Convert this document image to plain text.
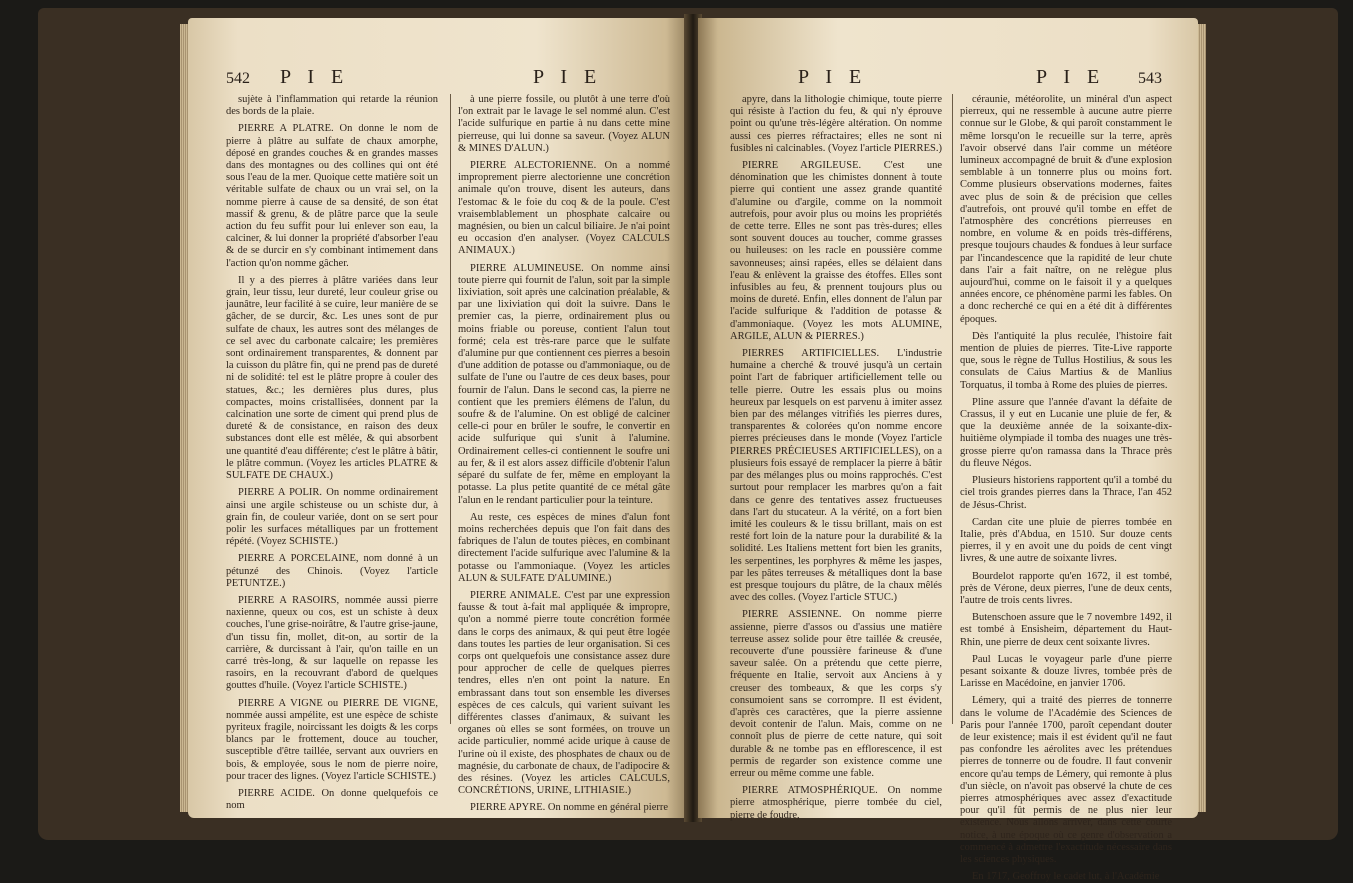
542 P I E	P I E

sujète à l'inflammation qui retarde la réunion des bords de la plaie.

PIERRE A PLATRE. On donne le nom de pierre à plâtre au sulfate de chaux amorphe, déposé en grandes couches & en grandes masses dans des montagnes ou des collines qui ont été sous l'eau de la mer. Quoique cette matière soit un véritable sulfate de chaux ou un vrai sel, on la nomme pierre à cause de sa densité, de son état massif & grenu, & de plâtre parce que la seule action du feu suffit pour lui enlever son eau, la calciner, & lui donner la propriété d'absorber l'eau & de se durcir en s'y combinant intimement dans l'action qu'on nomme gâcher.

Il y a des pierres à plâtre variées dans leur grain, leur tissu, leur dureté, leur couleur grise ou jaunâtre, leur facilité à se cuire, leur manière de se gâcher, de se durcir, &c. Les unes sont de pur sulfate de chaux, les autres sont des mélanges de ce sel avec du carbonate calcaire; les premières sont ordinairement transparentes, & donnent par la cuisson du plâtre fin, qui ne prend pas de dureté ni de solidité: tel est le plâtre propre à couler des statues, &c.; les dernières plus dures, plus compactes, moins cristallisées, donnent par la calcination une sorte de ciment qui prend plus de dureté & de consistance, en raison des deux substances dont elle est mêlée, & qui absorbent une quantité d'eau différente; c'est le plâtre à bâtir, le plâtre commun. (Voyez les articles PLATRE & SULFATE DE CHAUX.)

PIERRE A POLIR. On nomme ordinairement ainsi une argile schisteuse ou un schiste dur, à grain fin, de couleur variée, dont on se sert pour polir les surfaces métalliques par un frottement répété. (Voyez SCHISTE.)

PIERRE A PORCELAINE, nom donné à un pétunzé des Chinois. (Voyez l'article PETUNTZE.)

PIERRE A RASOIRS, nommée aussi pierre naxienne, queux ou cos, est un schiste à deux couches, l'une grise-noirâtre, & l'autre grise-jaune, d'un tissu fin, mollet, dit-on, au sortir de la carrière, & durcissant à l'air, qu'on taille en un carré très-long, & sur laquelle on repasse les rasoirs, en la recouvrant d'abord de quelques gouttes d'huile. (Voyez l'article SCHISTE.)

PIERRE A VIGNE ou PIERRE DE VIGNE, nommée aussi ampélite, est une espèce de schiste pyriteux fragile, noircissant les doigts & les corps blancs par le frottement, douce au toucher, susceptible d'être taillée, servant aux ouvriers en bois, & employée, sous le nom de pierre noire, pour tracer des lignes. (Voyez l'article SCHISTE.)

PIERRE ACIDE. On donne quelquefois ce nom

à une pierre fossile, ou plutôt à une terre d'où l'on extrait par le lavage le sel nommé alun. C'est l'acide sulfurique en partie à nu dans cette mine pierreuse, qui lui donne sa saveur. (Voyez ALUN & MINES D'ALUN.)

PIERRE ALECTORIENNE. On a nommé improprement pierre alectorienne une concrétion animale qu'on trouve, disent les auteurs, dans l'estomac & le foie du coq & de la poule. C'est vraisemblablement un phosphate calcaire ou magnésien, ou bien un calcul biliaire. Je n'ai point eu occasion d'en analyser. (Voyez CALCULS ANIMAUX.)

PIERRE ALUMINEUSE. On nomme ainsi toute pierre qui fournit de l'alun, soit par la simple lixiviation, soit après une calcination préalable, & par une lixiviation qui doit la suivre. Dans le premier cas, la pierre, ordinairement plus ou moins friable ou poreuse, contient l'alun tout formé; cela est très-rare parce que le sulfate d'alumine pur que contiennent ces pierres a besoin d'une addition de potasse ou d'ammoniaque, ou de sulfate de l'une ou l'autre de ces deux bases, pour fournir de l'alun. Dans le second cas, la pierre ne contient que les premiers élémens de l'alun, du soufre & de l'alumine. On est obligé de calciner celle-ci pour en brûler le soufre, le convertir en acide sulfurique qui s'unit à l'alumine. Ordinairement celles-ci contiennent le soufre uni au fer, & il est alors assez difficile d'obtenir l'alun séparé du sulfate de fer, même en employant la potasse. La plus petite quantité de ce métal gâte l'alun en le rendant particulier pour la teinture.

Au reste, ces espèces de mines d'alun font moins recherchées depuis que l'on fait dans des fabriques de l'alun de toutes pièces, en combinant directement l'acide sulfurique avec l'alumine & la potasse ou l'ammoniaque. (Voyez les articles ALUN & SULFATE D'ALUMINE.)

PIERRE ANIMALE. C'est par une expression fausse & tout à-fait mal appliquée & impropre, qu'on a nommé pierre toute concrétion formée dans le corps des animaux, & qui peut être logée dans toutes les parties de leur organisation. Si ces corps ont quelquefois une consistance assez dure pour approcher de celle de quelques pierres tendres, elles n'en ont point la nature. En embrassant dans tout son ensemble les diverses espèces de ces calculs, qui varient suivant les différentes classes d'animaux, & suivant les organes où elles se sont formées, on trouve un acide particulier, nommé acide urique à cause de l'urine où il existe, des phosphates de chaux ou de magnésie, du carbonate de chaux, de l'adipocire & des résines. (Voyez les articles CALCULS, CONCRÉTIONS, URINE, LITHIASIE.)

PIERRE APYRE. On nomme en général pierre

P I E	P I E 543

apyre, dans la lithologie chimique, toute pierre qui résiste à l'action du feu, & qui n'y éprouve point ou qu'une très-légère altération. On nomme aussi ces pierres réfractaires; elles ne sont ni fusibles ni calcinables. (Voyez l'article PIERRES.)

PIERRE ARGILEUSE. C'est une dénomination que les chimistes donnent à toute pierre qui contient une assez grande quantité d'alumine ou d'argile, comme on la nommoit autrefois, pour avoir plus ou moins les propriétés de cette terre. Elles ne sont pas très-dures; elles sont souvent douces au toucher, comme grasses ou huileuses: on les racle en poussière comme savonneuses; ainsi rapées, elles se délaient dans l'eau & enlèvent la graisse des étoffes. Elles sont infusibles au feu, & prennent toujours plus ou moins de dureté. Enfin, elles donnent de l'alun par l'acide sulfurique & l'addition de potasse & d'ammoniaque. (Voyez les mots ALUMINE, ARGILE, ALUN & PIERRES.)

PIERRES ARTIFICIELLES. L'industrie humaine a cherché & trouvé jusqu'à un certain point l'art de fabriquer artificiellement telle ou telle pierre. Outre les essais plus ou moins heureux par lesquels on est parvenu à imiter assez bien par des mélanges vitrifiés les pierres dures, transparentes & colorées qu'on nomme encore pierres précieuses dans le monde (Voyez l'article PIERRES PRÉCIEUSES ARTIFICIELLES), on a plusieurs fois essayé de remplacer la pierre à bâtir par des mélanges plus ou moins rapprochés. C'est surtout pour remplacer les marbres qu'on a fait dans ce genre des tentatives assez fructueuses dans l'art du stucateur. A la vérité, on a fort bien imité les couleurs & le tissu brillant, mais on est resté fort loin de la nature pour la durabilité & la solidité. Les Italiens mettent fort bien les granits, les serpentines, les porphyres & même les jaspes, par les pâtes terreuses & métalliques dont la base est presque toujours du plâtre, de la chaux mêlés avec des colles. (Voyez l'article STUC.)

PIERRE ASSIENNE. On nomme pierre assienne, pierre d'assos ou d'assius une matière terreuse assez solide pour être taillée & creusée, recouverte d'une poussière farineuse & d'une saveur salée. On a prétendu que cette pierre, fréquente en Italie, servoit aux Anciens à y creuser des tombeaux, & que les corps s'y consumoient sans se corrompre. Il est évident, d'après ces caractères, que la pierre assienne devoit contenir de l'alun. Mais, comme on ne connoît plus de pierre de cette nature, qui soit durable & ne tombe pas en efflorescence, il est permis de regarder son existence comme une erreur ou même comme une fable.

PIERRE ATMOSPHÉRIQUE. On nomme pierre atmosphérique, pierre tombée du ciel, pierre de foudre,

céraunie, météorolite, un minéral d'un aspect pierreux, qui ne ressemble à aucune autre pierre connue sur le Globe, & qui paroît constamment le même lorsqu'on le recueille sur la terre, après l'avoir observé dans l'air comme un météore lumineux accompagné de bruit & d'une explosion semblable à un tonnerre plus ou moins fort. Comme plusieurs observations modernes, faites avec plus de soin & de précision que celles d'autrefois, ont prouvé qu'il tombe en effet de l'atmosphère des concrétions pierreuses en nombre, en volume & en poids très-différens, presque toujours chaudes & fondues à leur surface par l'incandescence que la rapidité de leur chute dans l'air a fait naître, on ne relègue plus aujourd'hui, comme on le faisoit il y a quelques années encore, ce phénomène parmi les fables. On a donc recherché ce qui en a été dit à différentes époques.

Dès l'antiquité la plus reculée, l'histoire fait mention de pluies de pierres. Tite-Live rapporte que, sous le règne de Tullus Hostilius, & sous les consulats de Caius Martius & de Manlius Torquatus, il tomba à Rome des pluies de pierres.

Pline assure que l'année d'avant la défaite de Crassus, il y eut en Lucanie une pluie de fer, & que la deuxième année de la soixante-dix-huitième olympiade il tomba des nuages une très-grosse pierre qu'on ramassa dans la Thrace près du fleuve Négos.

Plusieurs historiens rapportent qu'il a tombé du ciel trois grandes pierres dans la Thrace, l'an 452 de Jésus-Christ.

Cardan cite une pluie de pierres tombée en Italie, près d'Abdua, en 1510. Sur douze cents pierres, il y en avoit une du poids de cent vingt livres, & une autre de soixante livres.

Bourdelot rapporte qu'en 1672, il est tombé, près de Vérone, deux pierres, l'une de deux cents, l'autre de trois cents livres.

Butenschoen assure que le 7 novembre 1492, il est tombé à Ensisheim, département du Haut-Rhin, une pierre de deux cent soixante livres.

Paul Lucas le voyageur parle d'une pierre pesant soixante & douze livres, tombée près de Larisse en Macédoine, en janvier 1706.

Lémery, qui a traité des pierres de tonnerre dans le volume de l'Académie des Sciences de Paris pour l'année 1700, paroît cependant douter de leur existence; mais il est évident qu'il ne faut pas confondre les aérolites avec les prétendues pierres de tonnerre ou de foudre. Il faut convenir encore qu'au temps de Lémery, qui remonte à plus d'un siècle, on n'avoit pas observé la chute de ces pierres atmosphériques avec assez d'exactitude pour qu'il fût permis de ne plus nier leur existence. Nous allons arriver, dans cette courte notice, à une époque où ce genre d'observation a commencé à admettre l'exactitude nécessaire dans les sciences physiques.

En 1717, Geoffroy le cadet lut, à l'Académie
